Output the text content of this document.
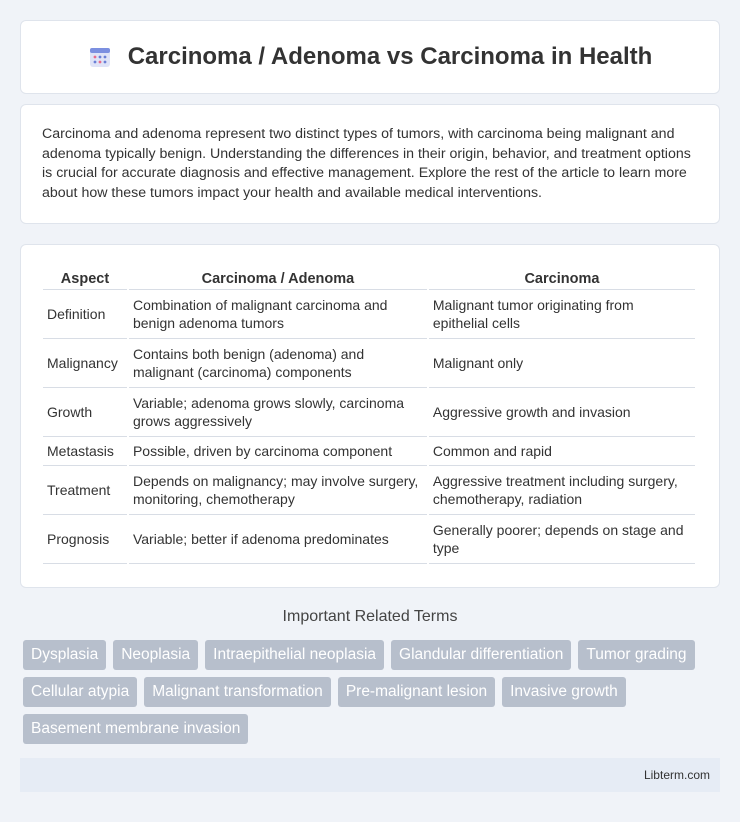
Carcinoma / Adenoma vs Carcinoma in Health

Carcinoma and adenoma represent two distinct types of tumors, with carcinoma being malignant and adenoma typically benign. Understanding the differences in their origin, behavior, and treatment options is crucial for accurate diagnosis and effective management. Explore the rest of the article to learn more about how these tumors impact your health and available medical interventions.

Aspect	Carcinoma / Adenoma	Carcinoma
Definition	Combination of malignant carcinoma and benign adenoma tumors	Malignant tumor originating from epithelial cells
Malignancy	Contains both benign (adenoma) and malignant (carcinoma) components	Malignant only
Growth	Variable; adenoma grows slowly, carcinoma grows aggressively	Aggressive growth and invasion
Metastasis	Possible, driven by carcinoma component	Common and rapid
Treatment	Depends on malignancy; may involve surgery, monitoring, chemotherapy	Aggressive treatment including surgery, chemotherapy, radiation
Prognosis	Variable; better if adenoma predominates	Generally poorer; depends on stage and type
Important Related Terms
Dysplasia	Neoplasia	Intraepithelial neoplasia	Glandular differentiation	Tumor grading
Cellular atypia	Malignant transformation	Pre-malignant lesion	Invasive growth
Basement membrane invasion
Libterm.com
